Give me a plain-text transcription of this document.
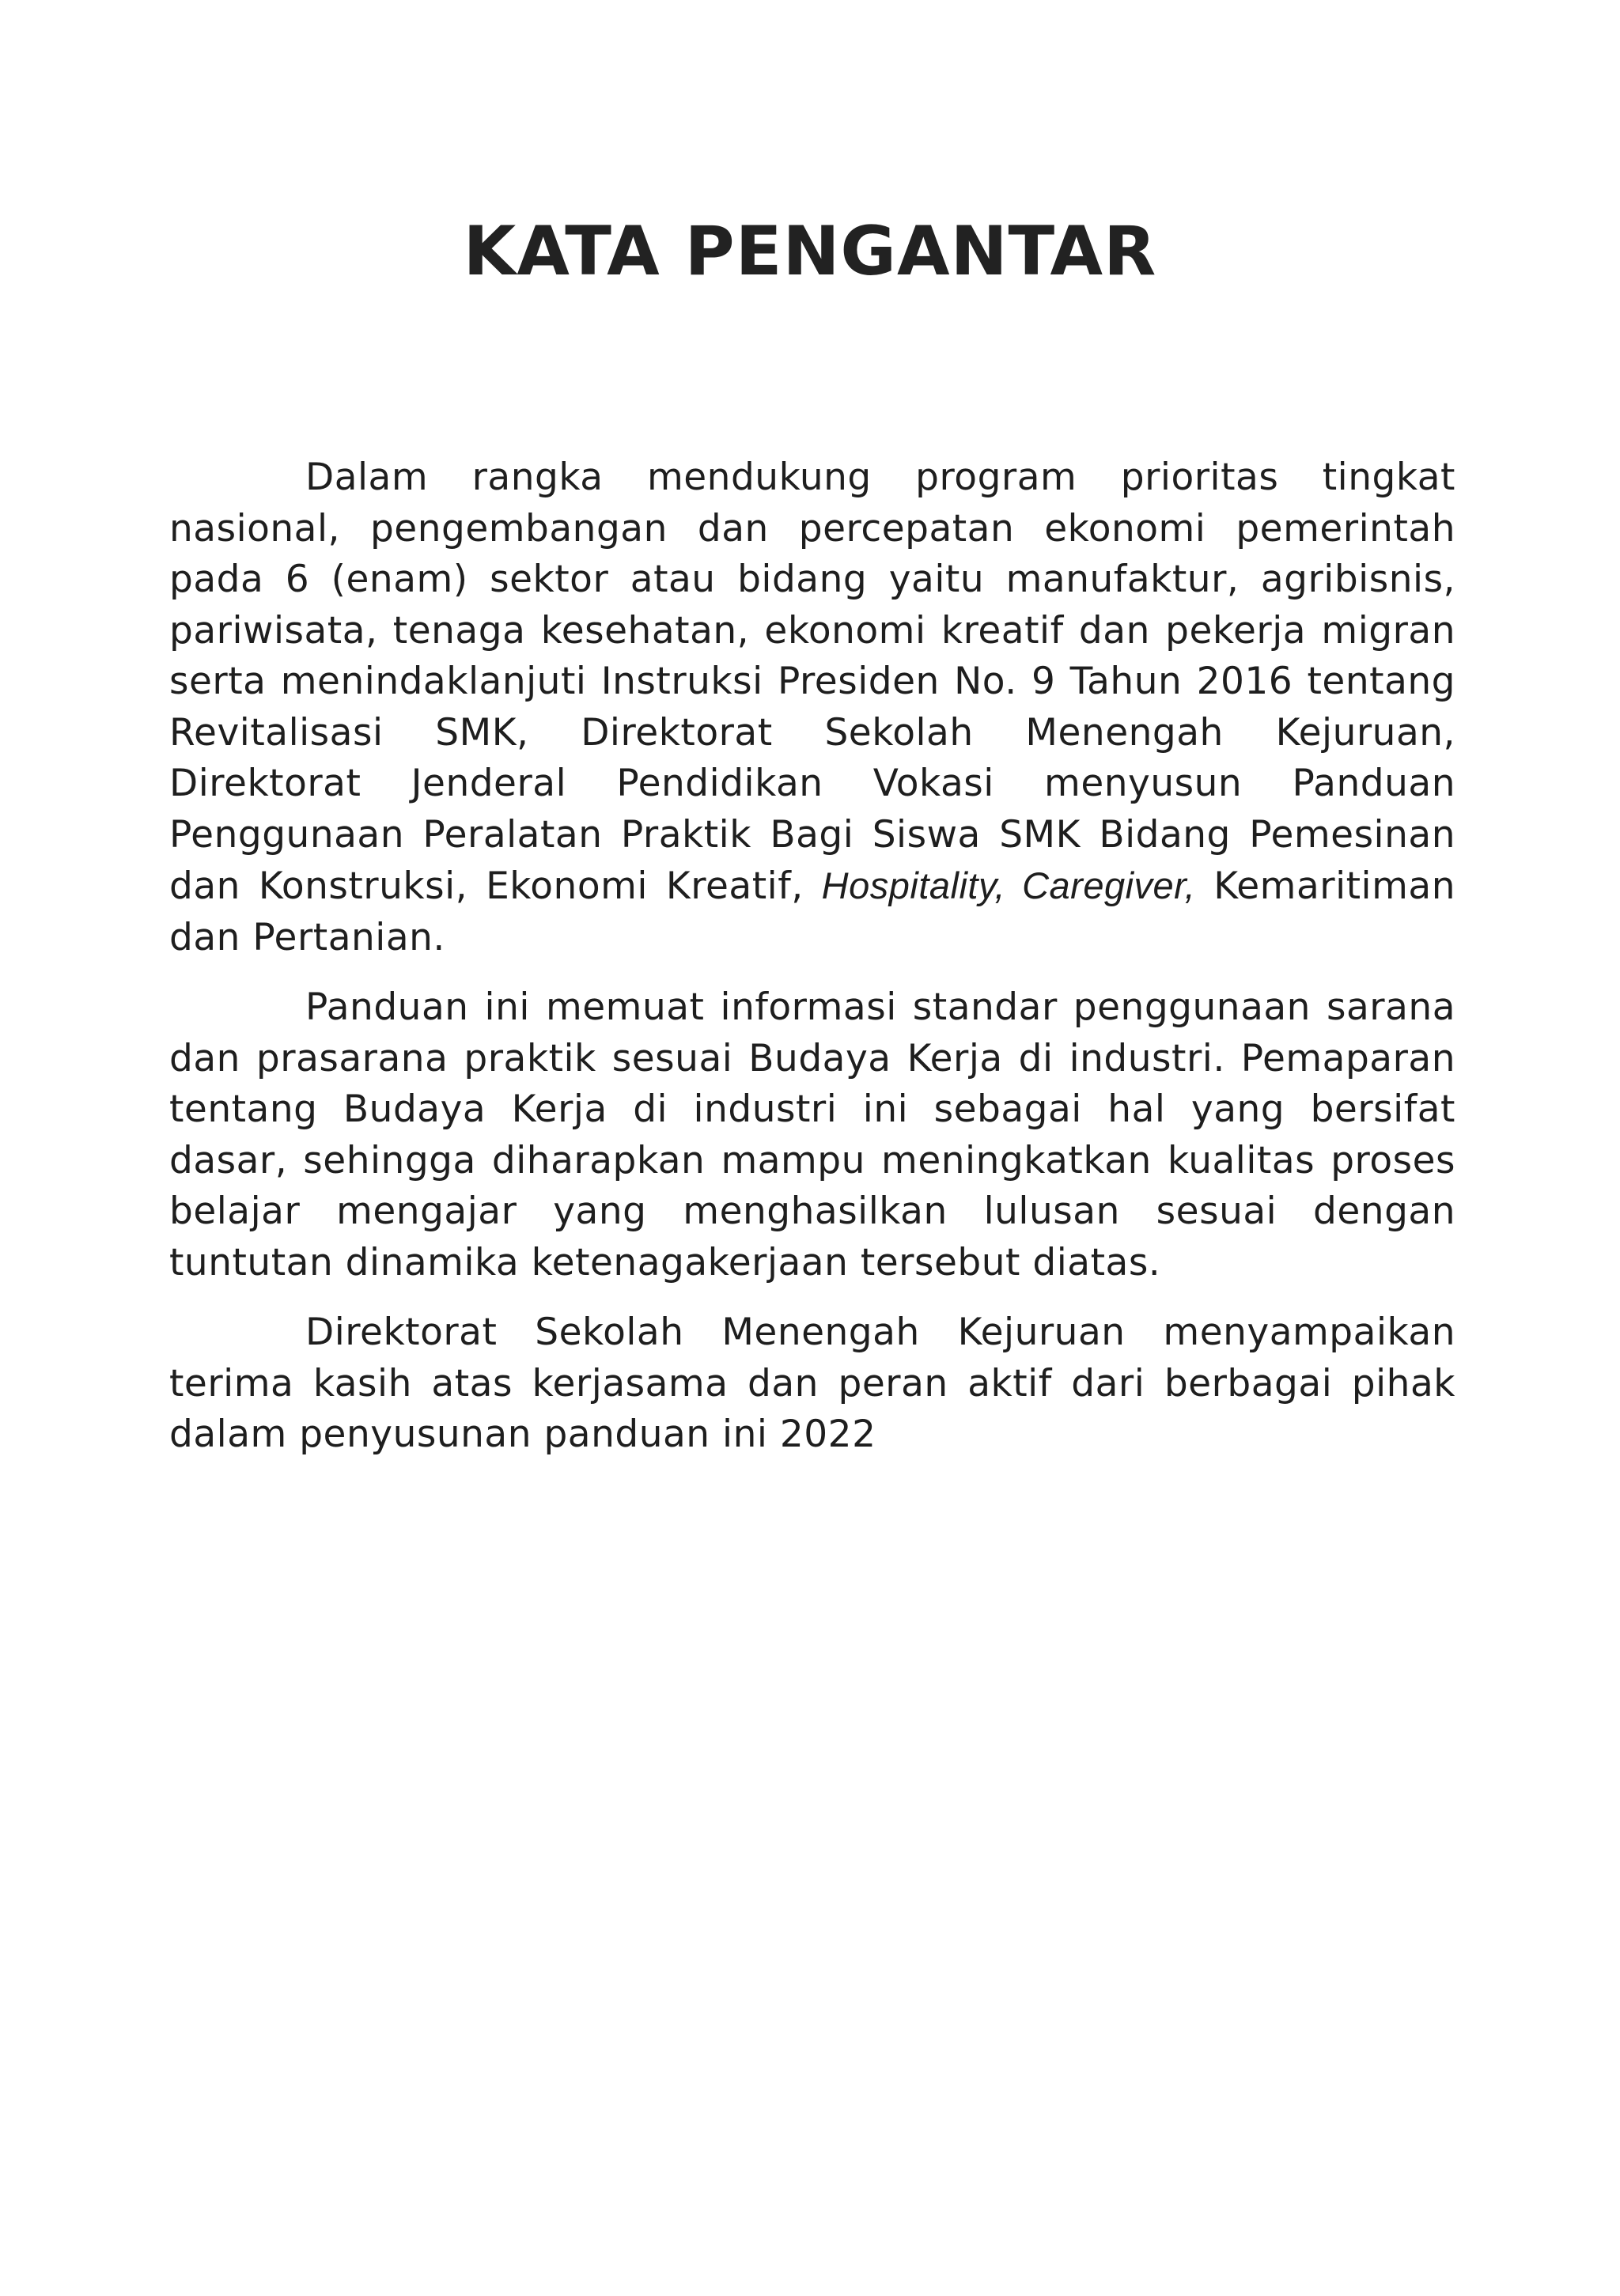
KATA PENGANTAR

Dalam rangka mendukung program prioritas tingkat nasional, pengembangan dan percepatan ekonomi pemerintah pada 6 (enam) sektor atau bidang yaitu manufaktur, agribisnis, pariwisata, tenaga kesehatan, ekonomi kreatif dan pekerja migran serta menindaklanjuti Instruksi Presiden No. 9 Tahun 2016 tentang Revitalisasi SMK, Direktorat Sekolah Menengah Kejuruan, Direktorat Jenderal Pendidikan Vokasi menyusun Panduan Penggunaan Peralatan Praktik Bagi Siswa SMK Bidang Pemesinan dan Konstruksi, Ekonomi Kreatif, Hospitality, Caregiver, Kemaritiman dan Pertanian.

Panduan ini memuat informasi standar penggunaan sarana dan prasarana praktik sesuai Budaya Kerja di industri. Pemaparan tentang Budaya Kerja di industri ini sebagai hal yang bersifat dasar, sehingga diharapkan mampu meningkatkan kualitas proses belajar mengajar yang menghasilkan lulusan sesuai dengan tuntutan dinamika ketenagakerjaan tersebut diatas.

Direktorat Sekolah Menengah Kejuruan menyampaikan terima kasih atas kerjasama dan peran aktif dari berbagai pihak dalam penyusunan panduan ini 2022
